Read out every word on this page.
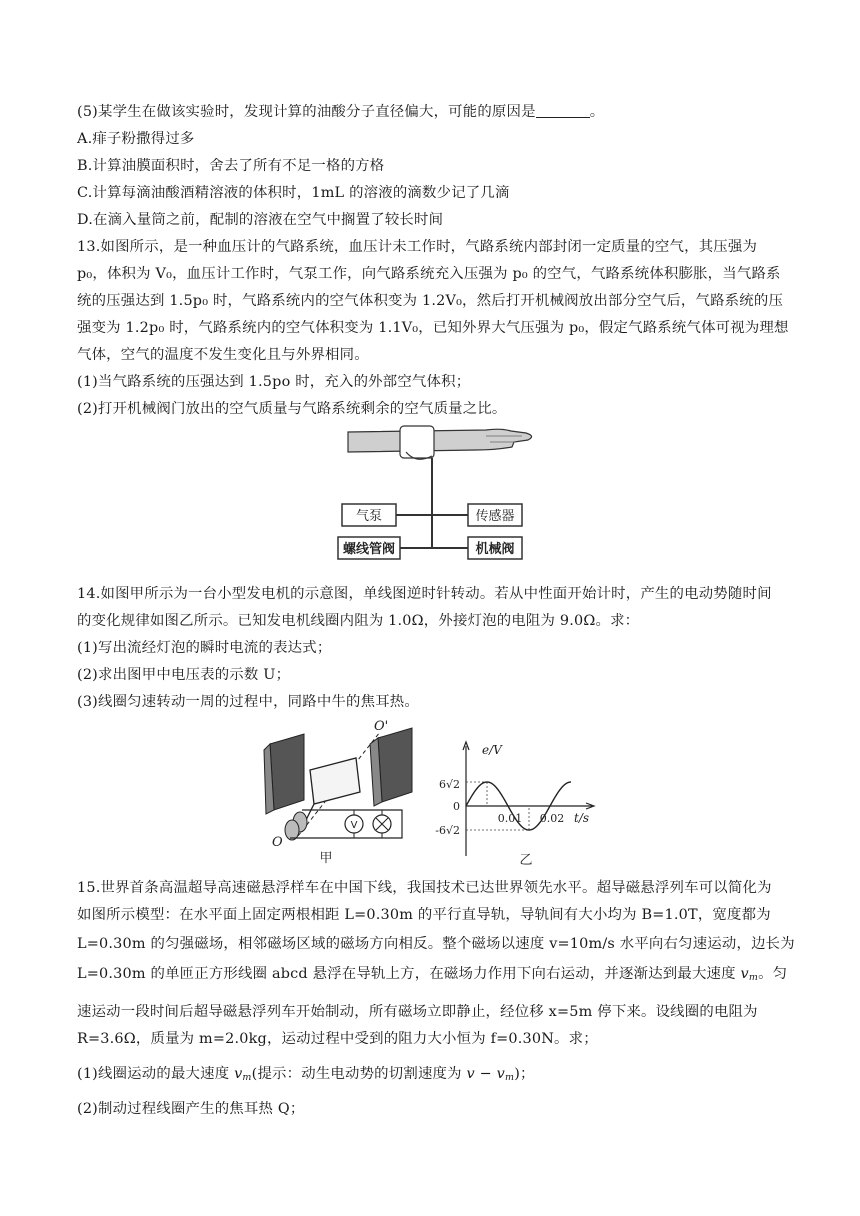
(5)某学生在做该实验时，发现计算的油酸分子直径偏大，可能的原因是	。
A.痱子粉撒得过多
B.计算油膜面积时，舍去了所有不足一格的方格
C.计算每滴油酸酒精溶液的体积时，1mL 的溶液的滴数少记了几滴
D.在滴入量筒之前，配制的溶液在空气中搁置了较长时间
13.如图所示，是一种血压计的气路系统，血压计未工作时，气路系统内部封闭一定质量的空气，其压强为
p₀，体积为 V₀，血压计工作时，气泵工作，向气路系统充入压强为 p₀ 的空气，气路系统体积膨胀，当气路系
统的压强达到 1.5p₀ 时，气路系统内的空气体积变为 1.2V₀，然后打开机械阀放出部分空气后，气路系统的压
强变为 1.2p₀ 时，气路系统内的空气体积变为 1.1V₀，已知外界大气压强为 p₀，假定气路系统气体可视为理想
气体，空气的温度不发生变化且与外界相同。
(1)当气路系统的压强达到 1.5po 时，充入的外部空气体积；
(2)打开机械阀门放出的空气质量与气路系统剩余的空气质量之比。
气泵	传感器
螺线管阀	机械阀
14.如图甲所示为一台小型发电机的示意图，单线图逆时针转动。若从中性面开始计时，产生的电动势随时间
的变化规律如图乙所示。已知发电机线圈内阻为 1.0Ω，外接灯泡的电阻为 9.0Ω。求：
(1)写出流经灯泡的瞬时电流的表达式；
(2)求出图甲中电压表的示数 U；
(3)线圈匀速转动一周的过程中，同路中牛的焦耳热。
V
O'
O
甲
e/V
t/s
6√2
0
-6√2
0.01 0.02
乙
15.世界首条高温超导高速磁悬浮样车在中国下线，我国技术已达世界领先水平。超导磁悬浮列车可以简化为
如图所示模型：在水平面上固定两根相距 L=0.30m 的平行直导轨，导轨间有大小均为 B=1.0T，宽度都为
L=0.30m 的匀强磁场，相邻磁场区域的磁场方向相反。整个磁场以速度 v=10m/s 水平向右匀速运动，边长为
L=0.30m 的单匝正方形线圈 abcd 悬浮在导轨上方，在磁场力作用下向右运动，并逐渐达到最大速度 $v_m$。匀
速运动一段时间后超导磁悬浮列车开始制动，所有磁场立即静止，经位移 x=5m 停下来。设线圈的电阻为
R=3.6Ω，质量为 m=2.0kg，运动过程中受到的阻力大小恒为 f=0.30N。求；
(1)线圈运动的最大速度 $v_m$(提示：动生电动势的切割速度为 $v - v_m$)；
(2)制动过程线圈产生的焦耳热 Q；
